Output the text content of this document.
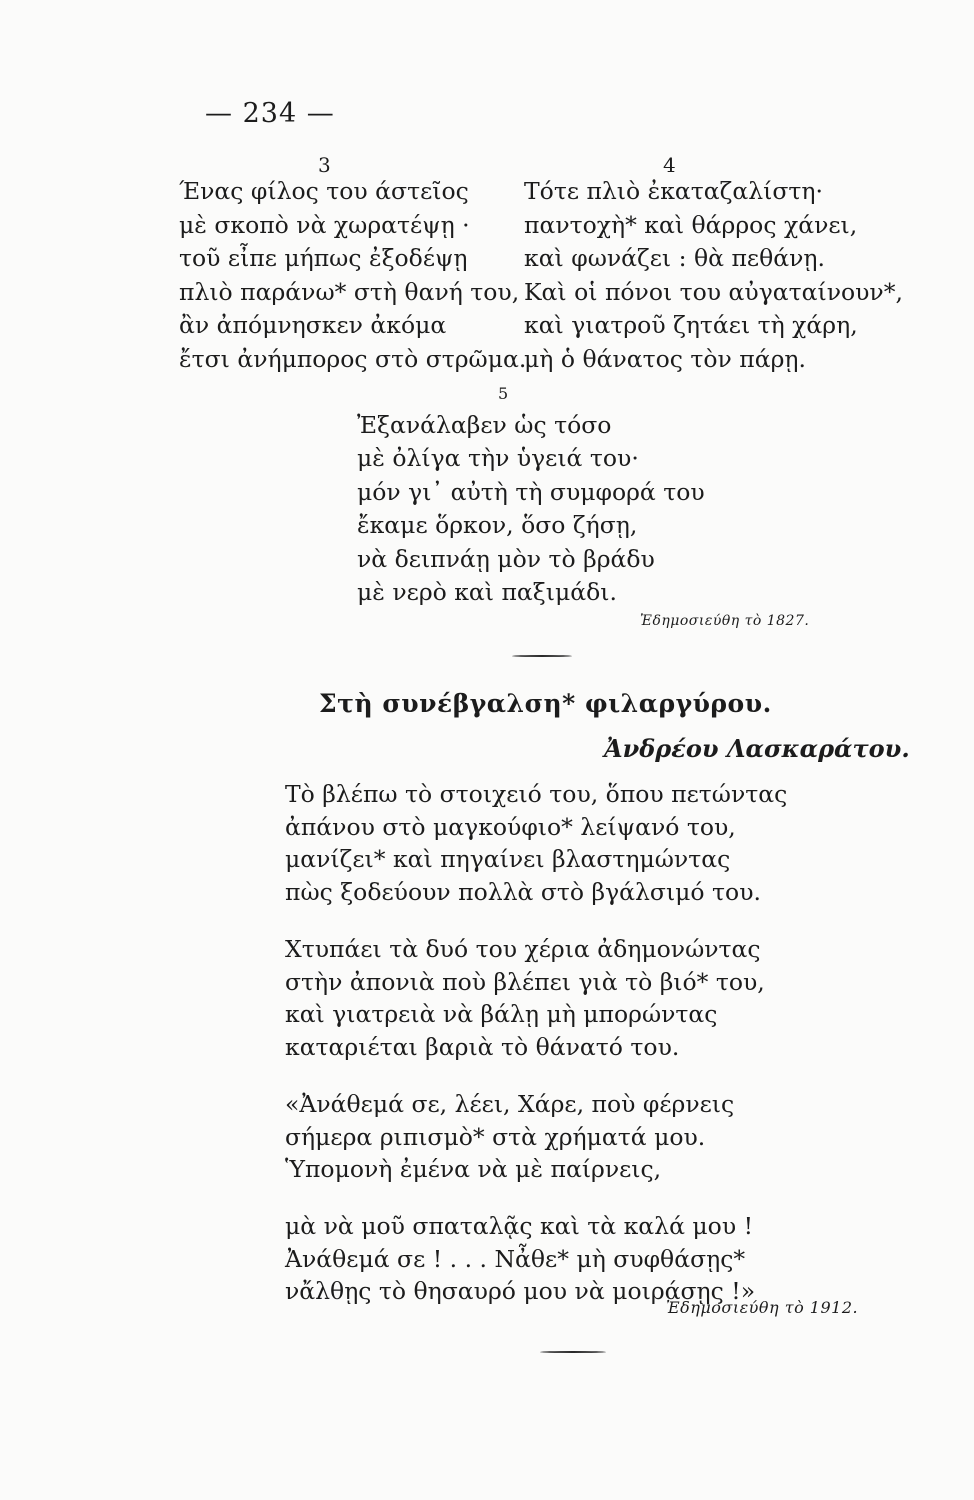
— 234 —
3
Ένας φίλος του άστεῖος
μὲ σκοπὸ νὰ χωρατέψῃ ·
τοῦ εἶπε μήπως ἐξοδέψῃ
πλιὸ παράνω* στὴ θανή του,
ἂν ἀπόμνησκεν ἀκόμα
ἔτσι ἀνήμπορος στὸ στρῶμα.
4
Τότε πλιὸ ἐκαταζαλίστη·
παντοχὴ* καὶ θάρρος χάνει,
καὶ φωνάζει : θὰ πεθάνῃ.
Καὶ οἱ πόνοι του αὐγαταίνουν*,
καὶ γιατροῦ ζητάει τὴ χάρη,
μὴ ὁ θάνατος τὸν πάρῃ.
5
Ἐξανάλαβεν ὡς τόσο
μὲ ὀλίγα τὴν ὑγειά του·
μόν γι᾽ αὐτὴ τὴ συμφορά του
ἔκαμε ὅρκον, ὅσο ζήσῃ,
νὰ δειπνάῃ μὸν τὸ βράδυ
μὲ νερὸ καὶ παξιμάδι.
Ἐδημοσιεύθη τὸ 1827.
Στὴ συνέβγαλση* φιλαργύρου.
Ἀνδρέου Λασκαράτου.
Τὸ βλέπω τὸ στοιχειό του, ὅπου πετώντας
ἀπάνου στὸ μαγκούφιο* λείψανό του,
μανίζει* καὶ πηγαίνει βλαστημώντας
πὼς ξοδεύουν πολλὰ στὸ βγάλσιμό του.
Χτυπάει τὰ δυό του χέρια ἀδημονώντας
στὴν ἀπονιὰ ποὺ βλέπει γιὰ τὸ βιό* του,
καὶ γιατρειὰ νὰ βάλῃ μὴ μπορώντας
καταριέται βαριὰ τὸ θάνατό του.
«Ἀνάθεμά σε, λέει, Χάρε, ποὺ φέρνεις
σήμερα ριπισμὸ* στὰ χρήματά μου.
Ὑπομονὴ ἐμένα νὰ μὲ παίρνεις,
μὰ νὰ μοῦ σπαταλᾷς καὶ τὰ καλά μου !
Ἀνάθεμά σε ! . . . Νἆθε* μὴ συφθάσῃς*
νἄλθῃς τὸ θησαυρό μου νὰ μοιράσῃς !»
Ἐδημοσιεύθη τὸ 1912.
